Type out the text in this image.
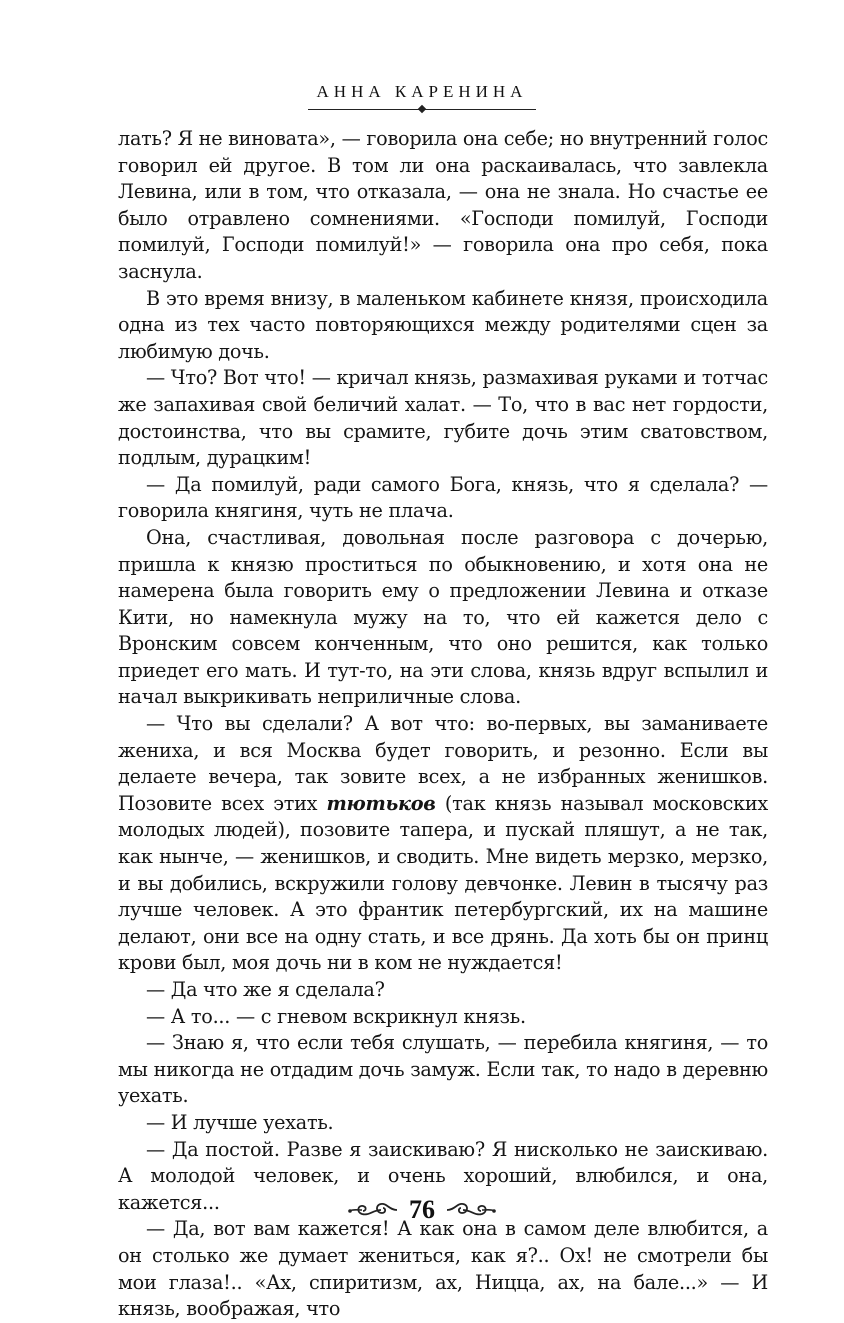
АННА КАРЕНИНА

лать? Я не виновата», — говорила она себе; но внутренний голос говорил ей другое. В том ли она раскаивалась, что завлекла Левина, или в том, что отказала, — она не знала. Но счастье ее было отравлено сомнениями. «Господи помилуй, Господи помилуй, Господи помилуй!» — говорила она про себя, пока заснула.

В это время внизу, в маленьком кабинете князя, происходила одна из тех часто повторяющихся между родителями сцен за любимую дочь.

— Что? Вот что! — кричал князь, размахивая руками и тотчас же запахивая свой беличий халат. — То, что в вас нет гордости, достоинства, что вы срамите, губите дочь этим сватовством, подлым, дурацким!

— Да помилуй, ради самого Бога, князь, что я сделала? — говорила княгиня, чуть не плача.

Она, счастливая, довольная после разговора с дочерью, пришла к князю проститься по обыкновению, и хотя она не намерена была говорить ему о предложении Левина и отказе Кити, но намекнула мужу на то, что ей кажется дело с Вронским совсем конченным, что оно решится, как только приедет его мать. И тут-то, на эти слова, князь вдруг вспылил и начал выкрикивать неприличные слова.

— Что вы сделали? А вот что: во-первых, вы заманиваете жениха, и вся Москва будет говорить, и резонно. Если вы делаете вечера, так зовите всех, а не избранных женишков. Позовите всех этих тютьков (так князь называл московских молодых людей), позовите тапера, и пускай пляшут, а не так, как нынче, — женишков, и сводить. Мне видеть мерзко, мерзко, и вы добились, вскружили голову девчонке. Левин в тысячу раз лучше человек. А это франтик петербургский, их на машине делают, они все на одну стать, и все дрянь. Да хоть бы он принц крови был, моя дочь ни в ком не нуждается!

— Да что же я сделала?

— А то... — с гневом вскрикнул князь.

— Знаю я, что если тебя слушать, — перебила княгиня, — то мы никогда не отдадим дочь замуж. Если так, то надо в деревню уехать.

— И лучше уехать.

— Да постой. Разве я заискиваю? Я нисколько не заискиваю. А молодой человек, и очень хороший, влюбился, и она, кажется...

— Да, вот вам кажется! А как она в самом деле влюбится, а он столько же думает жениться, как я?.. Ох! не смотрели бы мои глаза!.. «Ах, спиритизм, ах, Ницца, ах, на бале...» — И князь, воображая, что

76
